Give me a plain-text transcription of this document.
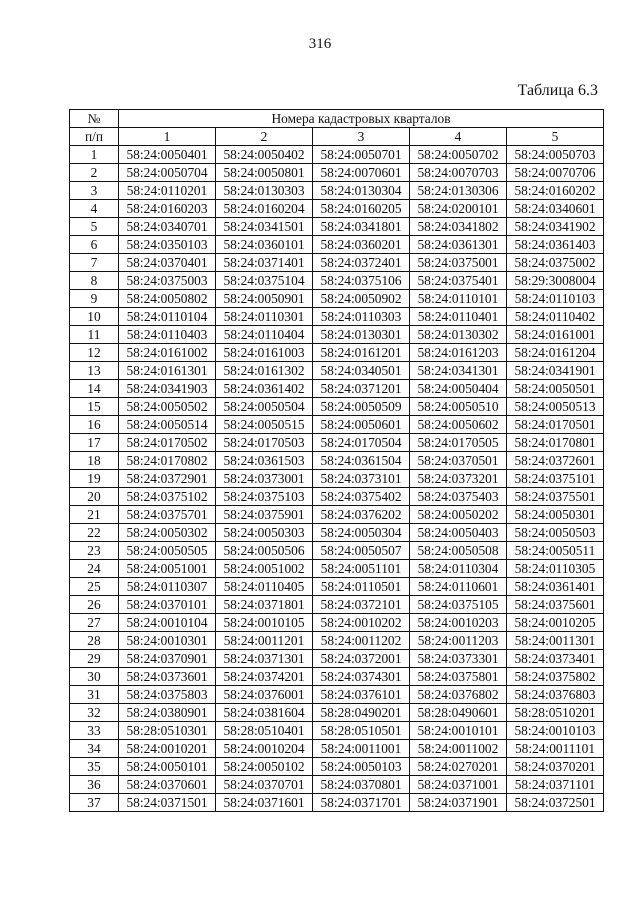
316
Таблица 6.3
№	Номера кадастровых кварталов				
п/п	1	2	3	4	5
1	58:24:0050401	58:24:0050402	58:24:0050701	58:24:0050702	58:24:0050703
2	58:24:0050704	58:24:0050801	58:24:0070601	58:24:0070703	58:24:0070706
3	58:24:0110201	58:24:0130303	58:24:0130304	58:24:0130306	58:24:0160202
4	58:24:0160203	58:24:0160204	58:24:0160205	58:24:0200101	58:24:0340601
5	58:24:0340701	58:24:0341501	58:24:0341801	58:24:0341802	58:24:0341902
6	58:24:0350103	58:24:0360101	58:24:0360201	58:24:0361301	58:24:0361403
7	58:24:0370401	58:24:0371401	58:24:0372401	58:24:0375001	58:24:0375002
8	58:24:0375003	58:24:0375104	58:24:0375106	58:24:0375401	58:29:3008004
9	58:24:0050802	58:24:0050901	58:24:0050902	58:24:0110101	58:24:0110103
10	58:24:0110104	58:24:0110301	58:24:0110303	58:24:0110401	58:24:0110402
11	58:24:0110403	58:24:0110404	58:24:0130301	58:24:0130302	58:24:0161001
12	58:24:0161002	58:24:0161003	58:24:0161201	58:24:0161203	58:24:0161204
13	58:24:0161301	58:24:0161302	58:24:0340501	58:24:0341301	58:24:0341901
14	58:24:0341903	58:24:0361402	58:24:0371201	58:24:0050404	58:24:0050501
15	58:24:0050502	58:24:0050504	58:24:0050509	58:24:0050510	58:24:0050513
16	58:24:0050514	58:24:0050515	58:24:0050601	58:24:0050602	58:24:0170501
17	58:24:0170502	58:24:0170503	58:24:0170504	58:24:0170505	58:24:0170801
18	58:24:0170802	58:24:0361503	58:24:0361504	58:24:0370501	58:24:0372601
19	58:24:0372901	58:24:0373001	58:24:0373101	58:24:0373201	58:24:0375101
20	58:24:0375102	58:24:0375103	58:24:0375402	58:24:0375403	58:24:0375501
21	58:24:0375701	58:24:0375901	58:24:0376202	58:24:0050202	58:24:0050301
22	58:24:0050302	58:24:0050303	58:24:0050304	58:24:0050403	58:24:0050503
23	58:24:0050505	58:24:0050506	58:24:0050507	58:24:0050508	58:24:0050511
24	58:24:0051001	58:24:0051002	58:24:0051101	58:24:0110304	58:24:0110305
25	58:24:0110307	58:24:0110405	58:24:0110501	58:24:0110601	58:24:0361401
26	58:24:0370101	58:24:0371801	58:24:0372101	58:24:0375105	58:24:0375601
27	58:24:0010104	58:24:0010105	58:24:0010202	58:24:0010203	58:24:0010205
28	58:24:0010301	58:24:0011201	58:24:0011202	58:24:0011203	58:24:0011301
29	58:24:0370901	58:24:0371301	58:24:0372001	58:24:0373301	58:24:0373401
30	58:24:0373601	58:24:0374201	58:24:0374301	58:24:0375801	58:24:0375802
31	58:24:0375803	58:24:0376001	58:24:0376101	58:24:0376802	58:24:0376803
32	58:24:0380901	58:24:0381604	58:28:0490201	58:28:0490601	58:28:0510201
33	58:28:0510301	58:28:0510401	58:28:0510501	58:24:0010101	58:24:0010103
34	58:24:0010201	58:24:0010204	58:24:0011001	58:24:0011002	58:24:0011101
35	58:24:0050101	58:24:0050102	58:24:0050103	58:24:0270201	58:24:0370201
36	58:24:0370601	58:24:0370701	58:24:0370801	58:24:0371001	58:24:0371101
37	58:24:0371501	58:24:0371601	58:24:0371701	58:24:0371901	58:24:0372501
